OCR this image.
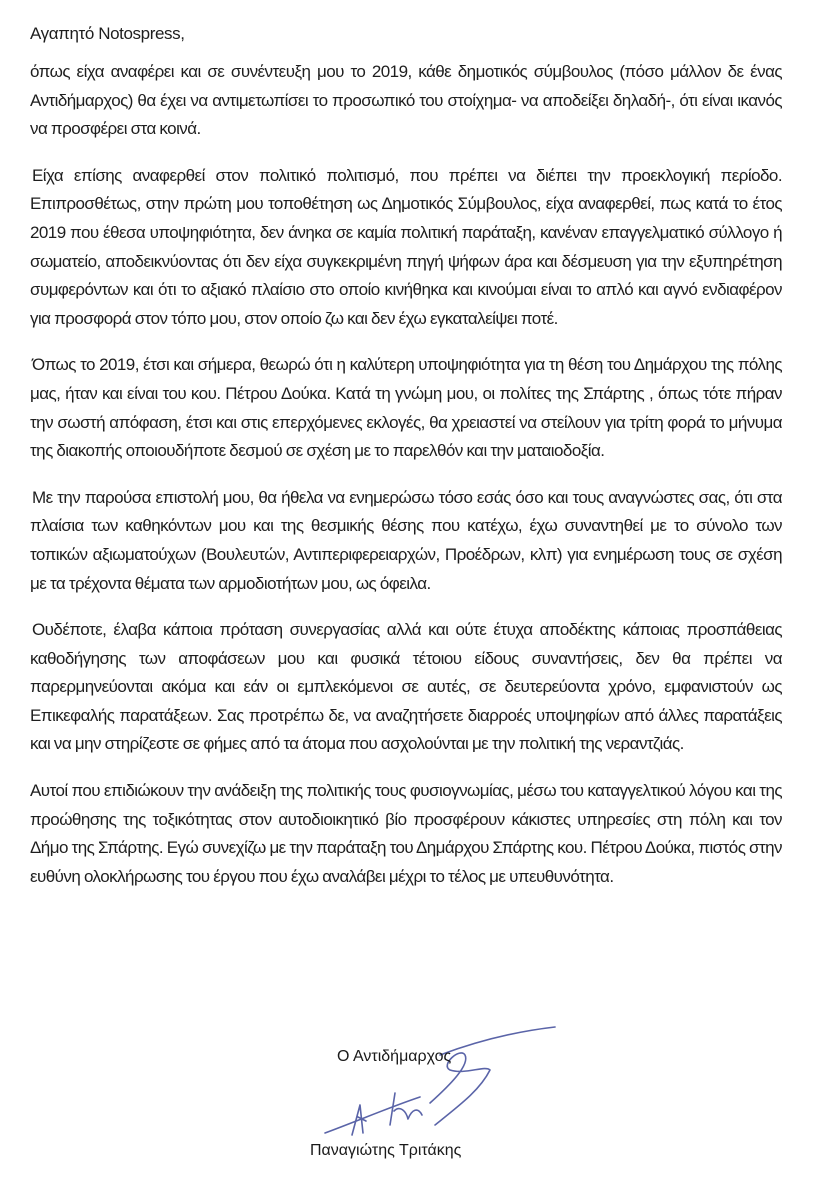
Αγαπητό Notospress,

όπως είχα αναφέρει και σε συνέντευξη μου το 2019, κάθε δημοτικός σύμβουλος (πόσο μάλλον δε ένας Αντιδήμαρχος) θα έχει να αντιμετωπίσει το προσωπικό του στοίχημα- να αποδείξει δηλαδή-, ότι είναι ικανός να προσφέρει στα κοινά.

Είχα επίσης αναφερθεί στον πολιτικό πολιτισμό, που πρέπει να διέπει την προεκλογική περίοδο. Επιπροσθέτως, στην πρώτη μου τοποθέτηση ως Δημοτικός Σύμβουλος, είχα αναφερθεί, πως κατά το έτος 2019 που έθεσα υποψηφιότητα, δεν άνηκα σε καμία πολιτική παράταξη, κανέναν επαγγελματικό σύλλογο ή σωματείο, αποδεικνύοντας ότι δεν είχα συγκεκριμένη πηγή ψήφων άρα και δέσμευση για την εξυπηρέτηση συμφερόντων και ότι το αξιακό πλαίσιο στο οποίο κινήθηκα και κινούμαι είναι το απλό και αγνό ενδιαφέρον για προσφορά στον τόπο μου, στον οποίο ζω και δεν έχω εγκαταλείψει ποτέ.

Όπως το 2019, έτσι και σήμερα, θεωρώ ότι η καλύτερη υποψηφιότητα για τη θέση του Δημάρχου της πόλης μας, ήταν και είναι του κου. Πέτρου Δούκα. Κατά τη γνώμη μου, οι πολίτες της Σπάρτης , όπως τότε πήραν την σωστή απόφαση, έτσι και στις επερχόμενες εκλογές, θα χρειαστεί να στείλουν για τρίτη φορά το μήνυμα της διακοπής οποιουδήποτε δεσμού σε σχέση με το παρελθόν και την ματαιοδοξία.

Με την παρούσα επιστολή μου, θα ήθελα να ενημερώσω τόσο εσάς όσο και τους αναγνώστες σας, ότι στα πλαίσια των καθηκόντων μου και της θεσμικής θέσης που κατέχω, έχω συναντηθεί με το σύνολο των τοπικών αξιωματούχων (Βουλευτών, Αντιπεριφερειαρχών, Προέδρων, κλπ) για ενημέρωση τους σε σχέση με τα τρέχοντα θέματα των αρμοδιοτήτων μου, ως όφειλα.

Ουδέποτε, έλαβα κάποια πρόταση συνεργασίας αλλά και ούτε έτυχα αποδέκτης κάποιας προσπάθειας καθοδήγησης των αποφάσεων μου και φυσικά τέτοιου είδους συναντήσεις, δεν θα πρέπει να παρερμηνεύονται ακόμα και εάν οι εμπλεκόμενοι σε αυτές, σε δευτερεύοντα χρόνο, εμφανιστούν ως Επικεφαλής παρατάξεων. Σας προτρέπω δε, να αναζητήσετε διαρροές υποψηφίων από άλλες παρατάξεις και να μην στηρίζεστε σε φήμες από τα άτομα που ασχολούνται με την πολιτική της νεραντζιάς.

Αυτοί που επιδιώκουν την ανάδειξη της πολιτικής τους φυσιογνωμίας, μέσω του καταγγελτικού λόγου και της προώθησης της τοξικότητας στον αυτοδιοικητικό βίο προσφέρουν κάκιστες υπηρεσίες στη πόλη και τον Δήμο της Σπάρτης. Εγώ συνεχίζω με την παράταξη του Δημάρχου Σπάρτης κου. Πέτρου Δούκα, πιστός στην ευθύνη ολοκλήρωσης του έργου που έχω αναλάβει μέχρι το τέλος με υπευθυνότητα.

Ο Αντιδήμαρχος
Παναγιώτης Τριτάκης
